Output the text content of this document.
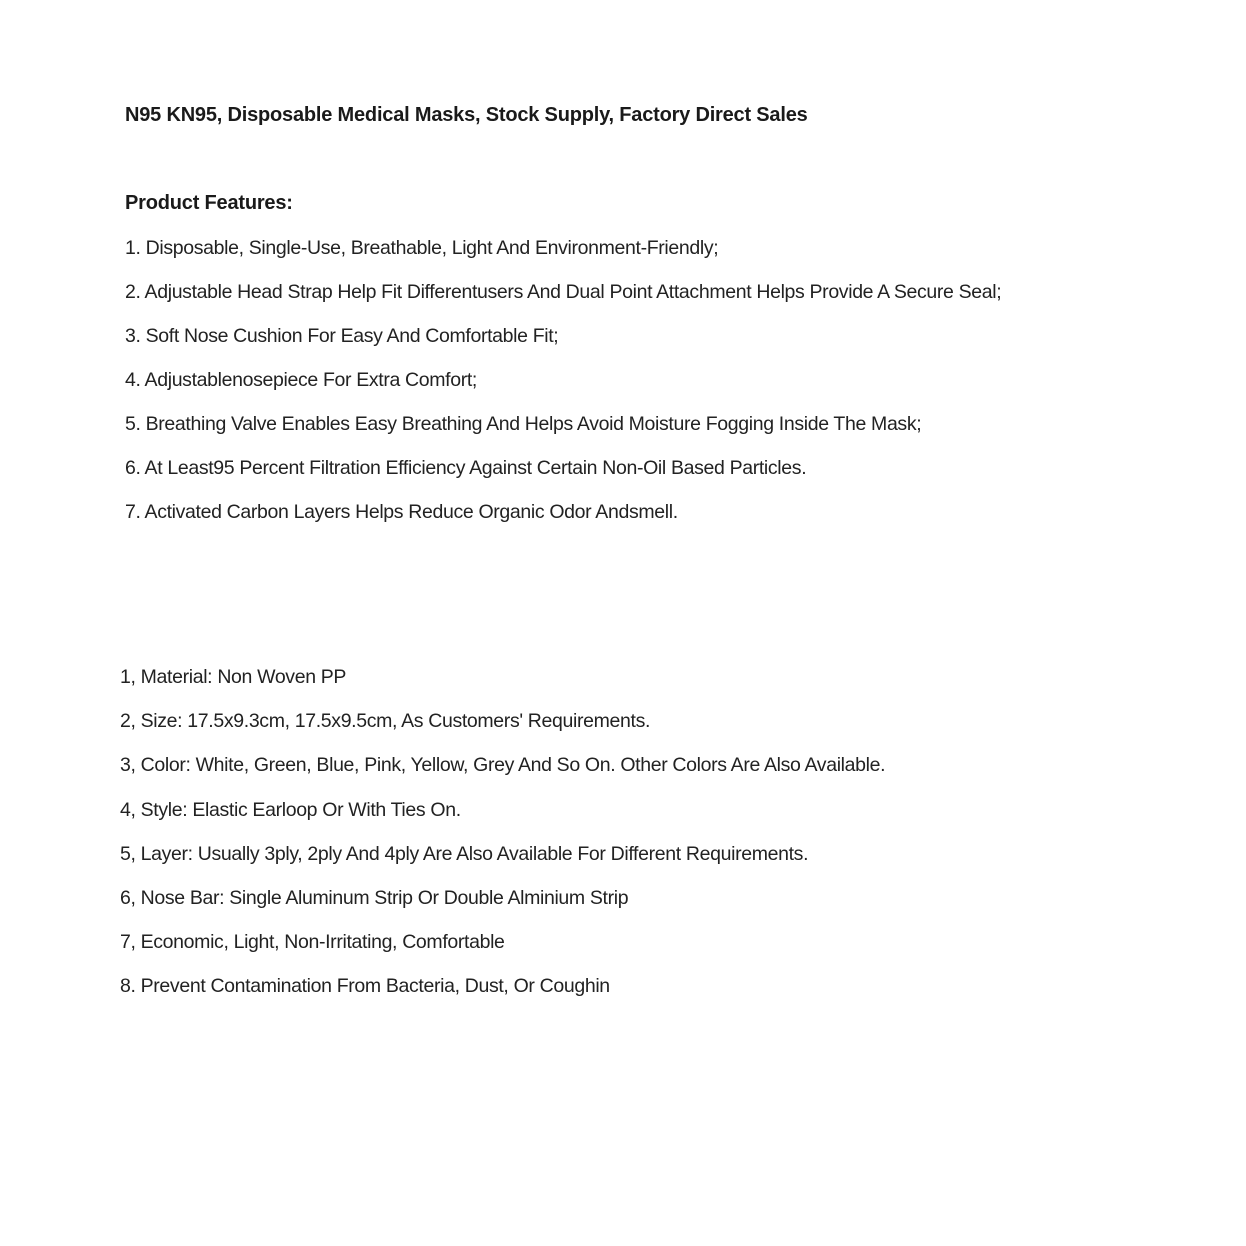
N95 KN95, Disposable Medical Masks, Stock Supply, Factory Direct Sales
Product Features:
1. Disposable, Single-Use, Breathable, Light And Environment-Friendly;
2. Adjustable Head Strap Help Fit Differentusers And Dual Point Attachment Helps Provide A Secure Seal;
3. Soft Nose Cushion For Easy And Comfortable Fit;
4. Adjustablenosepiece For Extra Comfort;
5. Breathing Valve Enables Easy Breathing And Helps Avoid Moisture Fogging Inside The Mask;
6. At Least95 Percent Filtration Efficiency Against Certain Non-Oil Based Particles.
7. Activated Carbon Layers Helps Reduce Organic Odor Andsmell.
1, Material: Non Woven PP
2, Size: 17.5x9.3cm, 17.5x9.5cm, As Customers' Requirements.
3, Color: White, Green, Blue, Pink, Yellow, Grey And So On. Other Colors Are Also Available.
4, Style: Elastic Earloop Or With Ties On.
5, Layer: Usually 3ply, 2ply And 4ply Are Also Available For Different Requirements.
6, Nose Bar: Single Aluminum Strip Or Double Alminium Strip
7, Economic, Light, Non-Irritating, Comfortable
8. Prevent Contamination From Bacteria, Dust, Or Coughin
